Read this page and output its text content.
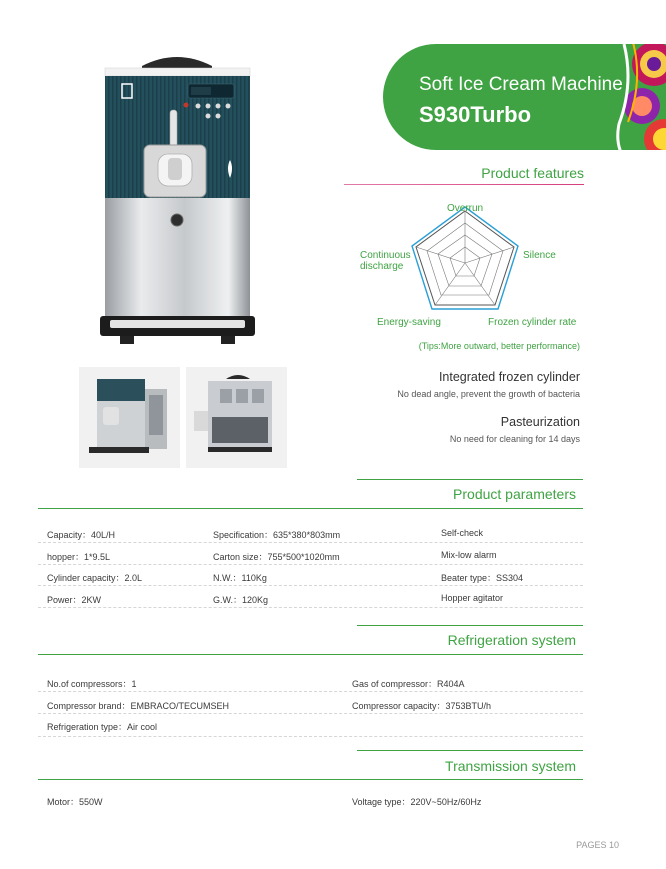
Soft Ice Cream Machine
S930Turbo
Product features
Overrun
Silence
Frozen cylinder rate
Energy-saving
Continuous
discharge
(Tips:More outward, better performance)
Integrated frozen cylinder
No dead angle, prevent the growth of bacteria
Pasteurization
No need for cleaning for 14 days
Product parameters
Capacity：40L/H	Specification：635*380*803mm	Self-check
hopper：1*9.5L	Carton size：755*500*1020mm	Mix-low alarm
Cylinder capacity：2.0L	N.W.：110Kg	Beater type：SS304
Power：2KW	G.W.：120Kg	Hopper agitator
Refrigeration system
No.of compressors：1	Gas of compressor：R404A
Compressor brand：EMBRACO/TECUMSEH	Compressor capacity：3753BTU/h
Refrigeration type：Air cool
Transmission system
Motor：550W	Voltage type：220V~50Hz/60Hz
PAGES 10
